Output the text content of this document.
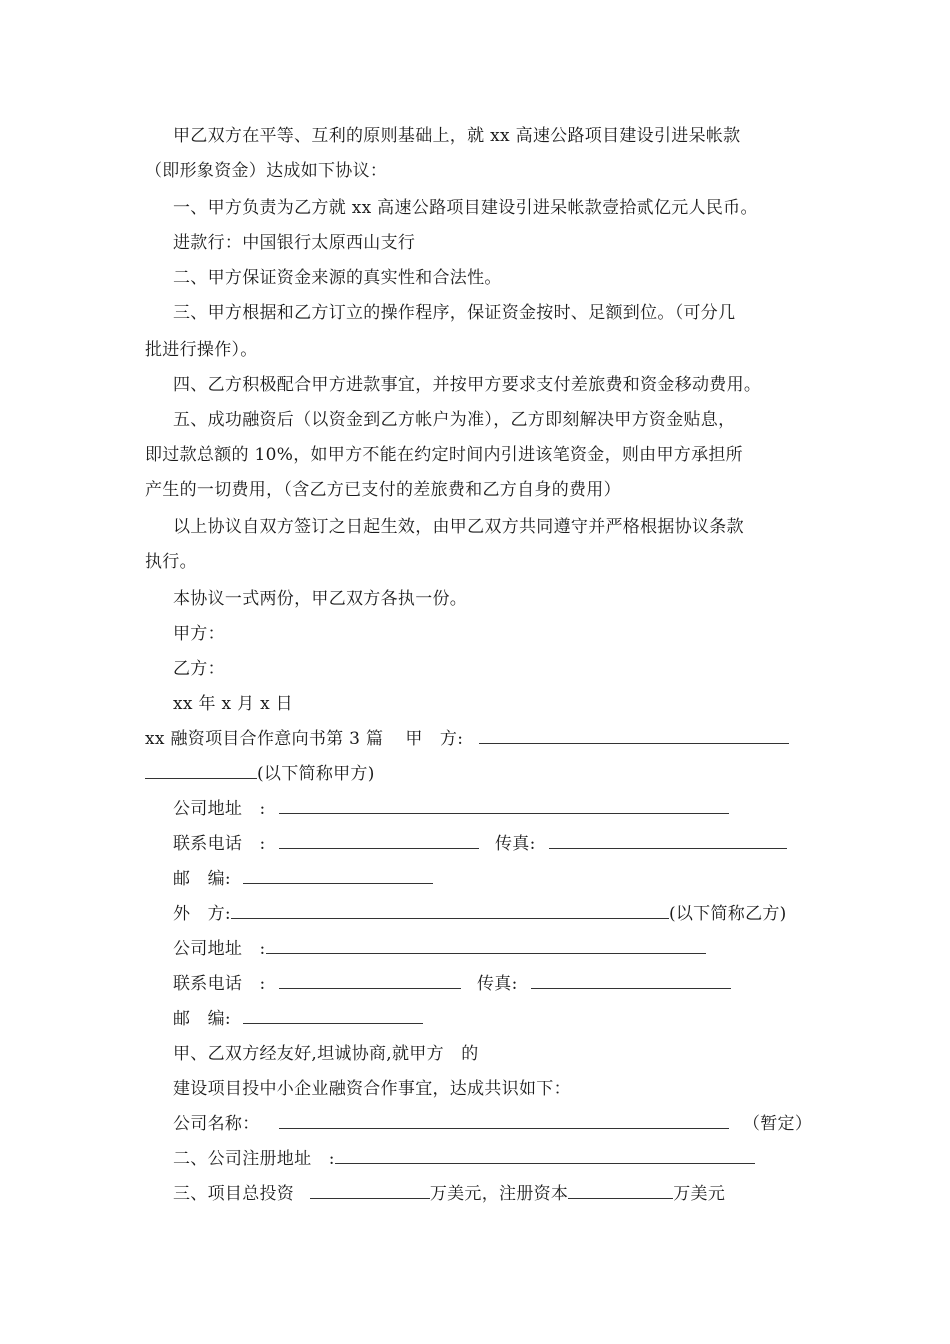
甲乙双方在平等、互利的原则基础上，就 xx 高速公路项目建设引进呆帐款
（即形象资金）达成如下协议：
一、甲方负责为乙方就 xx 高速公路项目建设引进呆帐款壹拾贰亿元人民币。
进款行：中国银行太原西山支行
二、甲方保证资金来源的真实性和合法性。
三、甲方根据和乙方订立的操作程序，保证资金按时、足额到位。（可分几
批进行操作）。
四、乙方积极配合甲方进款事宜，并按甲方要求支付差旅费和资金移动费用。
五、成功融资后（以资金到乙方帐户为准），乙方即刻解决甲方资金贴息，
即过款总额的 10%，如甲方不能在约定时间内引进该笔资金，则由甲方承担所
产生的一切费用，（含乙方已支付的差旅费和乙方自身的费用）
以上协议自双方签订之日起生效，由甲乙双方共同遵守并严格根据协议条款
执行。
本协议一式两份，甲乙双方各执一份。
甲方：
乙方：
xx 年 x 月 x 日
xx 融资项目合作意向书第 3 篇 甲　方:
(以下简称甲方)
公司地址　:
联系电话　:	传真:
邮　编:
外　方:	(以下简称乙方)
公司地址　:
联系电话　:	传真:
邮　编:
甲、乙双方经友好,坦诚协商,就甲方　的
建设项目投中小企业融资合作事宜，达成共识如下：
公司名称：	（暂定）
二、公司注册地址　:
三、项目总投资	万美元，注册资本	万美元
